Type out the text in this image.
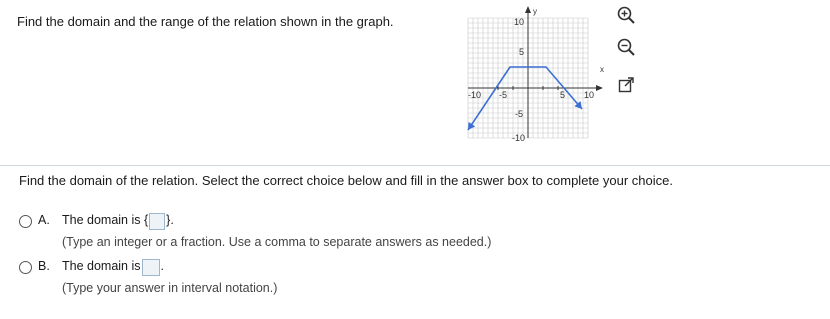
Find the domain and the range of the relation shown in the graph.
x
y
-10 -5	5 10
10
5
-5
-10
Find the domain of the relation. Select the correct choice below and fill in the answer box to complete your choice.
A. The domain is { }.
(Type an integer or a fraction. Use a comma to separate answers as needed.)
B. The domain is .
(Type your answer in interval notation.)
